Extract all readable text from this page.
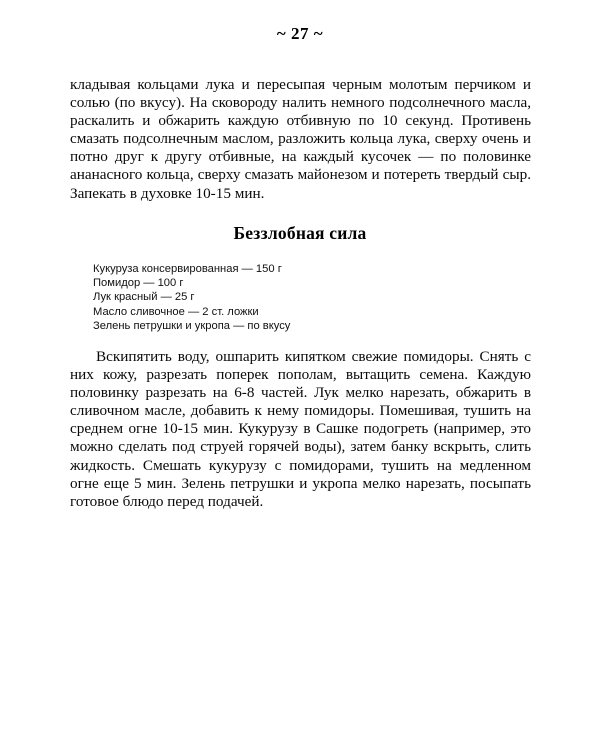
~ 27 ~

кладывая кольцами лука и пересыпая черным молотым перчиком и солью (по вкусу). На сковороду налить немного подсолнечного масла, раскалить и обжарить каждую отбивную по 10 секунд. Противень смазать подсолнечным маслом, разложить кольца лука, сверху очень и потно друг к другу отбивные, на каждый кусочек — по половинке ананасного кольца, сверху смазать майонезом и потереть твердый сыр. Запекать в духовке 10-15 мин.

Беззлобная сила
Кукуруза консервированная — 150 г
Помидор — 100 г
Лук красный — 25 г
Масло сливочное — 2 ст. ложки
Зелень петрушки и укропа — по вкусу

Вскипятить воду, ошпарить кипятком свежие помидоры. Снять с них кожу, разрезать поперек пополам, вытащить семена. Каждую половинку разрезать на 6-8 частей. Лук мелко нарезать, обжарить в сливочном масле, добавить к нему помидоры. Помешивая, тушить на среднем огне 10-15 мин. Кукурузу в Сашке подогреть (например, это можно сделать под струей горячей воды), затем банку вскрыть, слить жидкость. Смешать кукурузу с помидорами, тушить на медленном огне еще 5 мин. Зелень петрушки и укропа мелко нарезать, посыпать готовое блюдо перед подачей.
